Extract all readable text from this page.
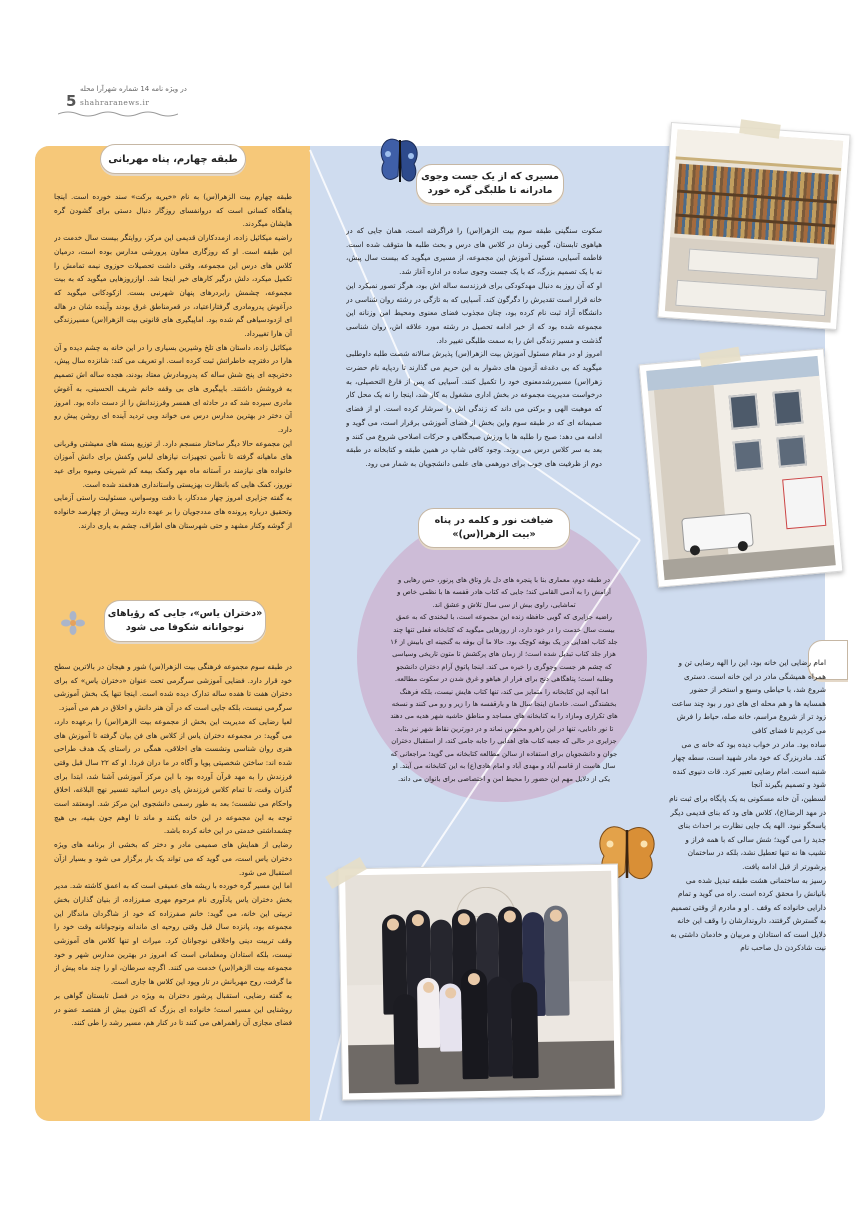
در ویژه نامه 14 شماره شهرآرا محله
5 shahraranews.ir
طبقه چهارم، پناه مهربانی

طبقه چهارم بیت الزهرا(س) به نام «خیریه برکت» سند خورده است. اینجا پناهگاه کسانی است که دروانفسای روزگار دنبال دستی برای گشودن گره هایشان میگردند.

راضیه میکائیل زاده، ازمددکاران قدیمی این مرکز، روایتگر بیست سال خدمت در این طبقه است. او که روزگاری معاون پرورشی مدارس بوده است، درمیان کلاس های درس این مجموعه، وقتی داشت تحصیلات حوزوی نیمه تمامش را تکمیل میکرد، دلش درگیر کارهای خیر اینجا شد. اوازروزهایی میگوید که به بیت مجموعه، چشمش رابردرهای پنهان شهرنبی بست. ازکودکانی میگوید که درآغوش پدرومادری گرفتاراعتیاد، در قعرمناطق غرق بودند وآینده شان در هاله ای ازدودسیاهی گم شده بود. اماپیگیری های قانونی بیت الزهرا(س) مسیرزندگی آن هارا تغییرداد.

میکائیل زاده، داستان های تلخ وشیرین بسیاری را در این خانه به چشم دیده و آن هارا در دفترچه خاطراتش ثبت کرده است. او تعریف می کند: شانزده سال پیش، دختربچه ای پنج شش ساله که پدرومادرش معتاد بودند، هجده ساله اش تصمیم به فروشش داشتند. باپیگیری های بی وقفه خانم شریف الحسینی، به آغوش مادری سپرده شد که در حادثه ای همسر وفرزندانش را از دست داده بود. امروز آن دختر در بهترین مدارس درس می خواند وبی تردید آینده ای روشن پیش رو دارد.

این مجموعه حالا دیگر ساختار منسجم دارد. از توزیع بسته های معیشتی وقربانی های ماهیانه گرفته تا تأمین تجهیزات نیازهای لباس وکفش برای دانش آموزان خانواده های نیازمند در آستانه ماه مهر وکمک بیمه کم شیرینی ومیوه برای عید نوروز، کمک هایی که بانظارت بهزیستی واستانداری هدفمند شده است.

به گفته جزایری امروز چهار مددکار، با دقت ووسواس، مسئولیت راستی آزمایی وتحقیق درباره پرونده های مددجویان را بر عهده دارند وبیش از چهارصد خانواده از گوشه وکنار مشهد و حتی شهرستان های اطراف، چشم به یاری دارند.

«دختران یاس»، جایی که رؤیاهای
نوجوانانه شکوفا می شود

در طبقه سوم مجموعه فرهنگی بیت الزهرا(س) شور و هیجان در بالاترین سطح خود قرار دارد. فضایی آموزشی سرگرمی تحت عنوان «دختران یاس» که برای دختران هفت تا هفده ساله تدارک دیده شده است. اینجا تنها یک بخش آموزشی سرگرمی نیست، بلکه جایی است که در آن هنر دانش و اخلاق در هم می آمیزد.

لعیا رضایی که مدیریت این بخش از مجموعه بیت الزهرا(س) را برعهده دارد، می گوید: در مجموعه دختران یاس از کلاس های فن بیان گرفته تا آموزش های هنری روان شناسی ونشست های اخلاقی، همگی در راستای یک هدف طراحی شده اند: ساختن شخصیتی پویا و آگاه در ما دران فردا. او که ۲۲ سال قبل وقتی فرزندش را به مهد قرآن آورده بود با این مرکز آموزشی آشنا شد، ابتدا برای گذران وقت، تا تمام کلاس فرزندش پای درس اساتید تفسیر نهج البلاغه، اخلاق واحکام می نشست؛ بعد به طور رسمی دانشجوی این مرکز شد. اومعتقد است توجه به این مجموعه در این خانه بکنند و ماند تا اوهم جون بقیه، بی هیچ چشمداشتی خدمتی در این خانه کرده باشد.

رضایی از همایش های صمیمی مادر و دختر که بخشی از برنامه های ویژه دختران یاس است، می گوید که می تواند یک بار برگزار می شود و بسیار ازآن استقبال می شود.

اما این مسیر گره خورده با ریشه های عمیقی است که به اعمق کاشته شد. مدیر بخش دختران یاس یادآوری نام مرحوم مهری صفرزاده، از بنیان گذاران بخش تربیتی این خانه، می گوید: خانم صفرزاده که خود از شاگردان ماندگار این مجموعه بود، پانزده سال قبل وقتی روحیه ای ماندانه ونوجوانانه وقت خود را وقف تربیت دینی واخلاقی نوجوانان کرد. میراث او تنها کلاس های آموزشی نیست، بلکه استادان ومعلمانی است که امروز در بهترین مدارس شهر و خود مجموعه بیت الزهرا(س) خدمت می کنند. اگرچه سرطان، او را چند ماه پیش از ما گرفت، روح مهربانش در تار وپود این کلاس ها جاری است.

به گفته رضایی، استقبال پرشور دختران به ویژه در فصل تابستان گواهی بر روشنایی این مسیر است؛ خانواده ای بزرگ که اکنون بیش از هفتصد عضو در فضای مجازی آن راهمراهی می کنند تا در کنار هم، مسیر رشد را طی کنند.

مسیری که از یک جست وجوی مادرانه تا طلبگی گره خورد

سکوت سنگینی طبقه سوم بیت الزهرا(س) را فراگرفته است، همان جایی که در هیاهوی تابستان، گویی زمان در کلاس های درس و بحث طلبه ها متوقف شده است. فاطمه آسیایی، مسئول آموزش این مجموعه، از مسیری میگوید که بیست سال پیش، نه با یک تصمیم بزرگ، که با یک جست وجوی ساده در اداره آغاز شد.

او که آن روز به دنبال مهدکودکی برای فرزندسه ساله اش بود، هرگز تصور نمیکرد این خانه قرار است تقدیرش را دگرگون کند. آسیایی که به تازگی در رشته روان شناسی در دانشگاه آزاد ثبت نام کرده بود، چنان مجذوب فضای معنوی ومحیط امن وزنانه این مجموعه شده بود که از خیر ادامه تحصیل در رشته مورد علاقه اش، روان شناسی گذشت و مسیر زندگی اش را به سمت طلبگی تغییر داد.

امروز او در مقام مسئول آموزش بیت الزهرا(س) پذیرش سالانه شصت طلبه داوطلبی میگوید که بی دغدغه آزمون های دشوار به این حریم می گذارند تا ردپایه نام حضرت زهرا(س) مسیررشدمعنوی خود را تکمیل کنند. آسیایی که پس از فارغ التحصیلی، به درخواست مدیریت مجموعه در بخش اداری مشغول به کار شد، اینجا را نه یک محل کار که موهبت الهی و برکتی می داند که زندگی اش را سرشار کرده است. او از فضای صمیمانه ای که در طبقه سوم واین بخش از فضای آموزشی برقرار است، می گوید و ادامه می دهد: صبح را طلبه ها با ورزش صبحگاهی و حرکات اصلاحی شروع می کنند و بعد به سر کلاس درس می روند. وجود کافی شاپ در همین طبقه و کتابخانه در طبقه دوم از ظرفیت های خوب برای دورهمی های علمی دانشجویان به شمار می رود.

ضیافت نور و کلمه در پناه
«بیت الزهرا(س)»

در طبقه دوم، معماری بنا با پنجره های دل باز وتاق های پرنور، حس رهایی و آرامش را به آدمی القامی کند؛ جایی که کتاب هادر قفسه ها با نظمی خاص و تماشایی، راوی بیش از سی سال تلاش و عشق اند.

راضیه جزایری که گویی حافظه زنده این مجموعه است، با لبخندی که به عمق بیست سال خدمت را در خود دارد، از روزهایی میگوید که کتابخانه فعلی تنها چند جلد کتاب اهدایی در یک بوفه کوچک بود. حالا ما آن بوفه به گنجینه ای بابیش از ۱۶ هزار جلد کتاب تبدیل شده است؛ از زمان های پرکشش تا متون تاریخی وسیاسی که چشم هر جست وجوگری را خیره می کند. اینجا پاتوق آرام دختران دانشجو وطلبه است؛ پناهگاهی دنج برای فرار از هیاهو و غرق شدن در سکوت مطالعه.

اما آنچه این کتابخانه را متمایز می کند، تنها کتاب هایش نیست، بلکه فرهنگ بخشندگی است. خادمان اینجا سال ها و بارقفسه ها را زیر و رو می کنند و نسخه های تکراری ومازاد را به کتابخانه های مساجد و مناطق حاشیه شهر هدیه می دهند تا نور دانایی، تنها در این راهرو محبوس نماند و در دورترین نقاط شهر نیز بتابد.

جزایری در حالی که جعبه کتاب های اهدایی را جابه جامی کند، از استقبال دختران جوان و دانشجویان برای استفاده از سالن مطالعه کتابخانه می گوید؛ مراجعانی که سال هاست از قاسم آباد و مهدی آباد و امام هادی(ع) به این کتابخانه می آیند. او یکی از دلایل مهم این حضور را محیط امن و اختصاصی برای بانوان می داند.

امام رضایی این خانه بود، این را الهه رضایی تن و همراه همیشگی مادر در این خانه است. دستری شروع شد، با حیاطی وسیع و استخر از حضور همسایه ها و هم محله ای های دور ر بود چند ساعت زود تر از شروع مراسم، خانه صله، حیاط را فرش می کردیم تا فضای کافی

ساده بود. مادر در خواب دیده بود که خانه ی می کند. مادربزرگ که خود مادر شهید است، سطه چهار شنبه است. امام رضایی تعبیر کرد. قات دنیوی کنده شود و تصمیم بگیرند آنجا

لسطین، آن خانه مسکونی به یک پایگاه برای ثبت نام در مهد الرضا(ع)، کلاس های ود که بنای قدیمی دیگر پاسخگو نبود. الهه یک جایی نظارت بر احداث بنای جدید را می گوید؛ شش سالی که با همه فراز و نشیب ها نه تنها تعطیل نشد، بلکه در ساختمان پرشورتر از قبل ادامه یافت.

رسیز به ساختمانی هشت طبقه تبدیل شده می بانیانش را محقق کرده است. راه می گوید و تمام دارایی خانواده که وقف . او و مادرم از وقتی تصمیم به گسترش گرفتند، داروندارشان را وقف این خانه دلایل است که استادان و مربیان و خادمان داشتی به نیت شادکردن دل صاحب نام
